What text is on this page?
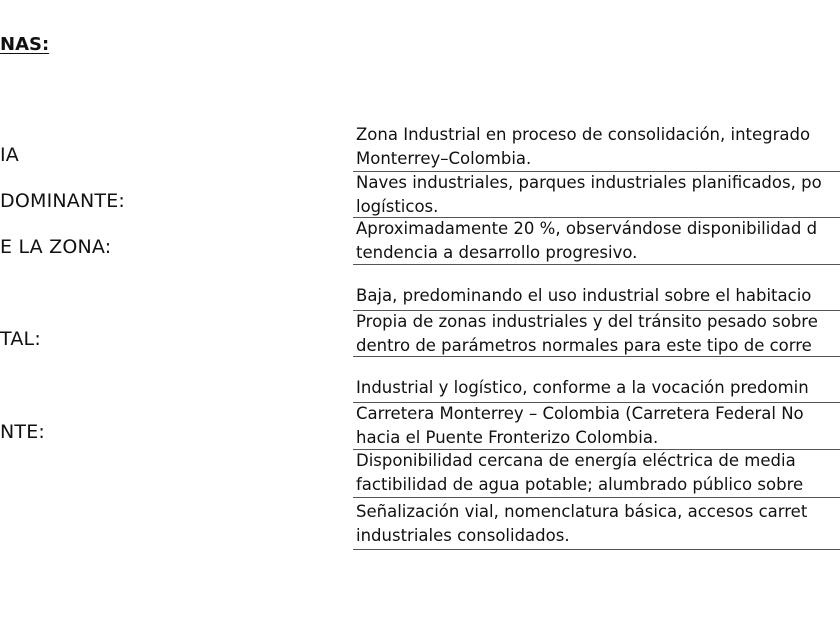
NAS:
IA
DOMINANTE:
E LA ZONA:
TAL:
NTE:
Zona Industrial en proceso de consolidación, integrado
Monterrey–Colombia.
Naves industriales, parques industriales planificados, po
logísticos.
Aproximadamente 20 %, observándose disponibilidad d
tendencia a desarrollo progresivo.
Baja, predominando el uso industrial sobre el habitacio
Propia de zonas industriales y del tránsito pesado sobre
dentro de parámetros normales para este tipo de corre
Industrial y logístico, conforme a la vocación predomin
Carretera Monterrey – Colombia (Carretera Federal No
hacia el Puente Fronterizo Colombia.
Disponibilidad cercana de energía eléctrica de media
factibilidad de agua potable; alumbrado público sobre
Señalización vial, nomenclatura básica, accesos carret
industriales consolidados.
